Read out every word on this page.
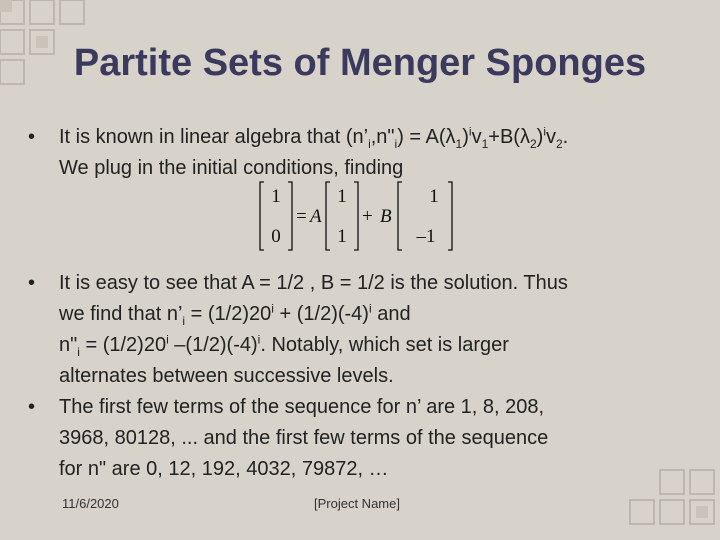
Partite Sets of Menger Sponges
• It is known in linear algebra that $(n’_i,n"_i) = A(\lambda_1)^iv_1+B(\lambda_2)^iv_2$.
We plug in the initial conditions, finding
• It is easy to see that A = 1/2 , B = 1/2 is the solution. Thus
we find that $n’_i = (1/2)20^i + (1/2)(-4)^i$ and
$n"_i = (1/2)20^i$ $-(1/2)(-4)^i$. Notably, which set is larger
alternates between successive levels.
• The first few terms of the sequence for n’ are 1, 8, 208,
3968, 80128, ... and the first few terms of the sequence
for n" are 0, 12, 192, 4032, 79872, …
1
0
= A
1
1
+ B
1
–1
11/6/2020	[Project Name]
